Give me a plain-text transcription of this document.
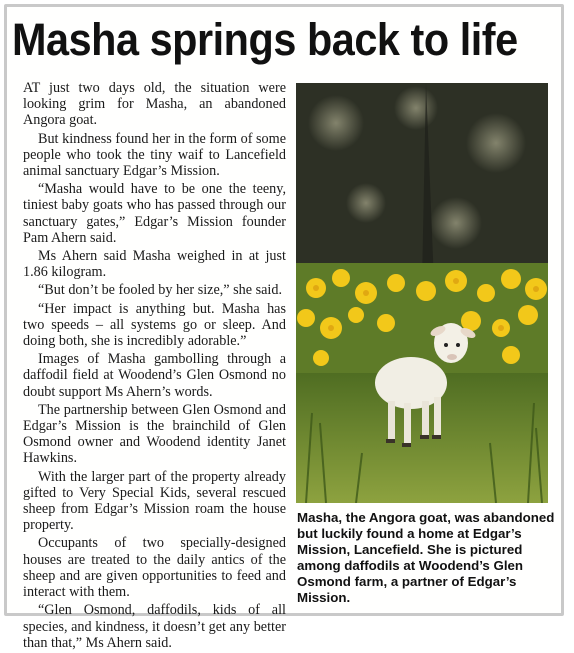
Masha springs back to life

AT just two days old, the situation were looking grim for Masha, an abandoned Angora goat.

But kindness found her in the form of some people who took the tiny waif to Lancefield animal sanctuary Edgar’s Mission.

“Masha would have to be one the teeny, tiniest baby goats who has passed through our sanctuary gates,” Edgar’s Mission founder Pam Ahern said.

Ms Ahern said Masha weighed in at just 1.86 kilogram.

“But don’t be fooled by her size,” she said.

“Her impact is anything but. Masha has two speeds – all systems go or sleep. And doing both, she is incredibly adorable.”

Images of Masha gambolling through a daffodil field at Woodend’s Glen Osmond no doubt support Ms Ahern’s words.

The partnership between Glen Osmond and Edgar’s Mission is the brainchild of Glen Osmond owner and Woodend identity Janet Hawkins.

With the larger part of the property already gifted to Very Special Kids, several rescued sheep from Edgar’s Mission roam the house property.

Occupants of two specially-designed houses are treated to the daily antics of the sheep and are given opportunities to feed and interact with them.

“Glen Osmond, daffodils, kids of all species, and kindness, it doesn’t get any better than that,” Ms Ahern said.

Masha, the Angora goat, was abandoned but luckily found a home at Edgar’s Mission, Lancefield. She is pictured among daffodils at Woodend’s Glen Osmond farm, a partner of Edgar’s Mission.
